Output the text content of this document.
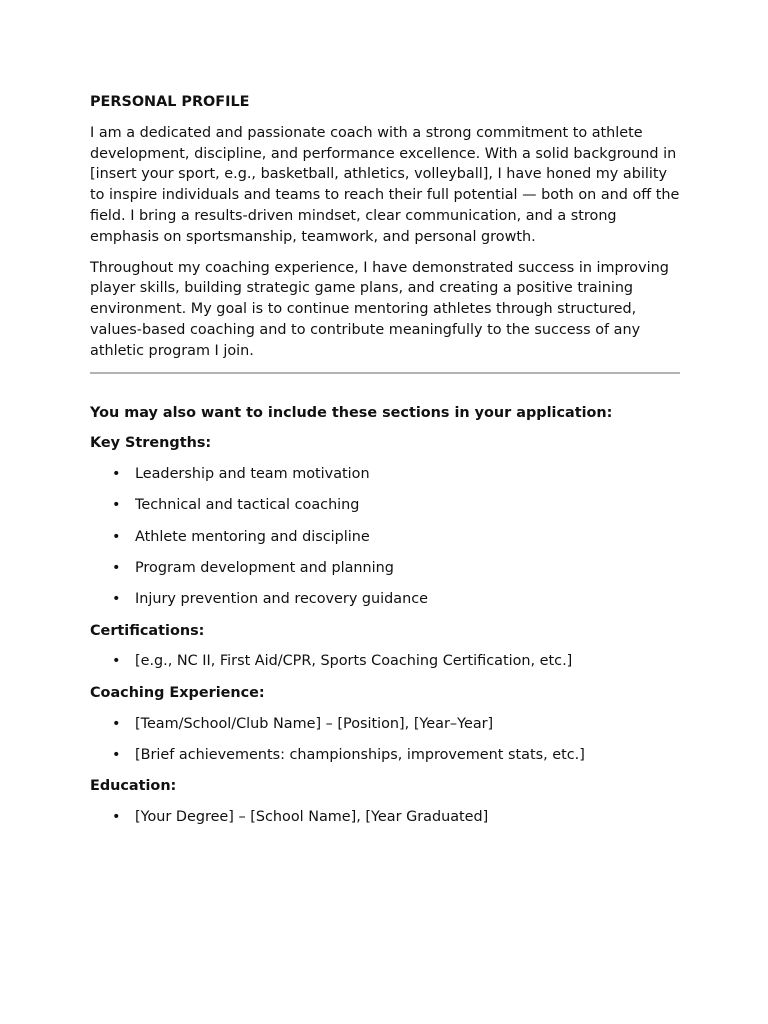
PERSONAL PROFILE

I am a dedicated and passionate coach with a strong commitment to athlete development, discipline, and performance excellence. With a solid background in [insert your sport, e.g., basketball, athletics, volleyball], I have honed my ability to inspire individuals and teams to reach their full potential — both on and off the field. I bring a results-driven mindset, clear communication, and a strong emphasis on sportsmanship, teamwork, and personal growth.

Throughout my coaching experience, I have demonstrated success in improving player skills, building strategic game plans, and creating a positive training environment. My goal is to continue mentoring athletes through structured, values-based coaching and to contribute meaningfully to the success of any athletic program I join.

You may also want to include these sections in your application:
Key Strengths:
• Leadership and team motivation
• Technical and tactical coaching
• Athlete mentoring and discipline
• Program development and planning
• Injury prevention and recovery guidance
Certifications:
• [e.g., NC II, First Aid/CPR, Sports Coaching Certification, etc.]
Coaching Experience:
• [Team/School/Club Name] – [Position], [Year–Year]
• [Brief achievements: championships, improvement stats, etc.]
Education:
• [Your Degree] – [School Name], [Year Graduated]
